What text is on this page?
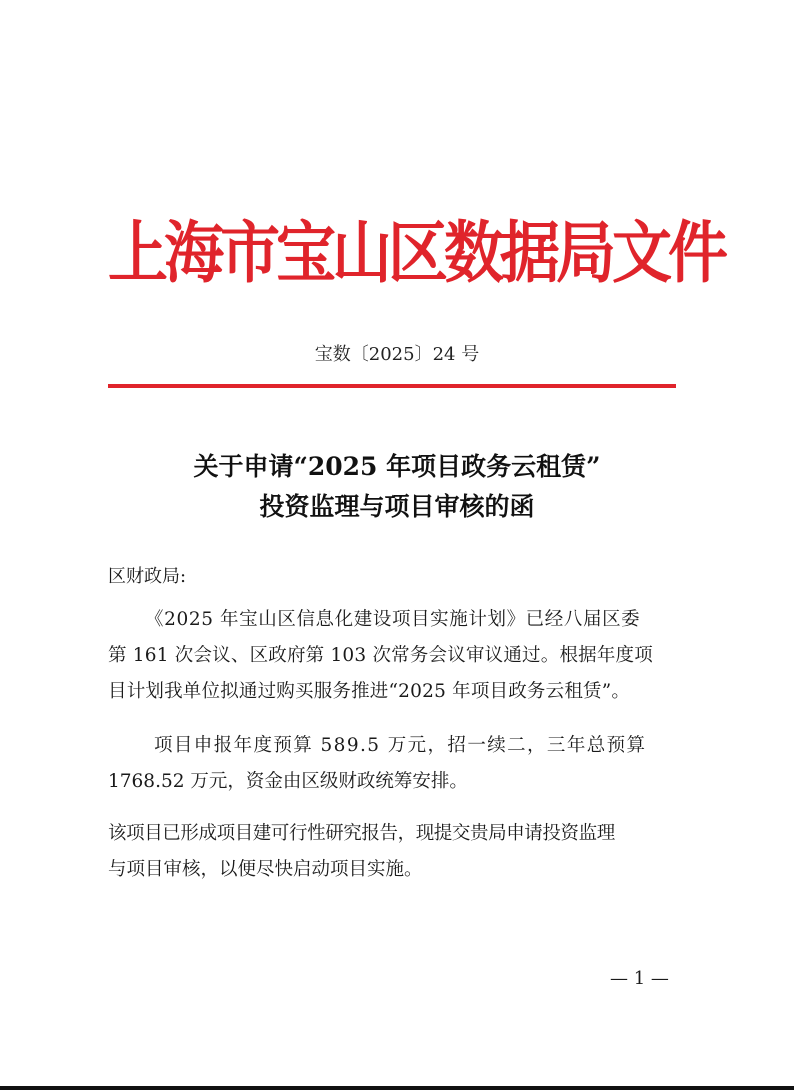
上海市宝山区数据局文件
宝数〔2025〕24 号
关于申请“2025 年项目政务云租赁”
投资监理与项目审核的函
区财政局:
《2025 年宝山区信息化建设项目实施计划》已经八届区委
第 161 次会议、区政府第 103 次常务会议审议通过。根据年度项
目计划我单位拟通过购买服务推进“2025 年项目政务云租赁”。
项目申报年度预算 589.5 万元，招一续二，三年总预算
1768.52 万元，资金由区级财政统筹安排。
该项目已形成项目建可行性研究报告，现提交贵局申请投资监理
与项目审核，以便尽快启动项目实施。
— 1 —
